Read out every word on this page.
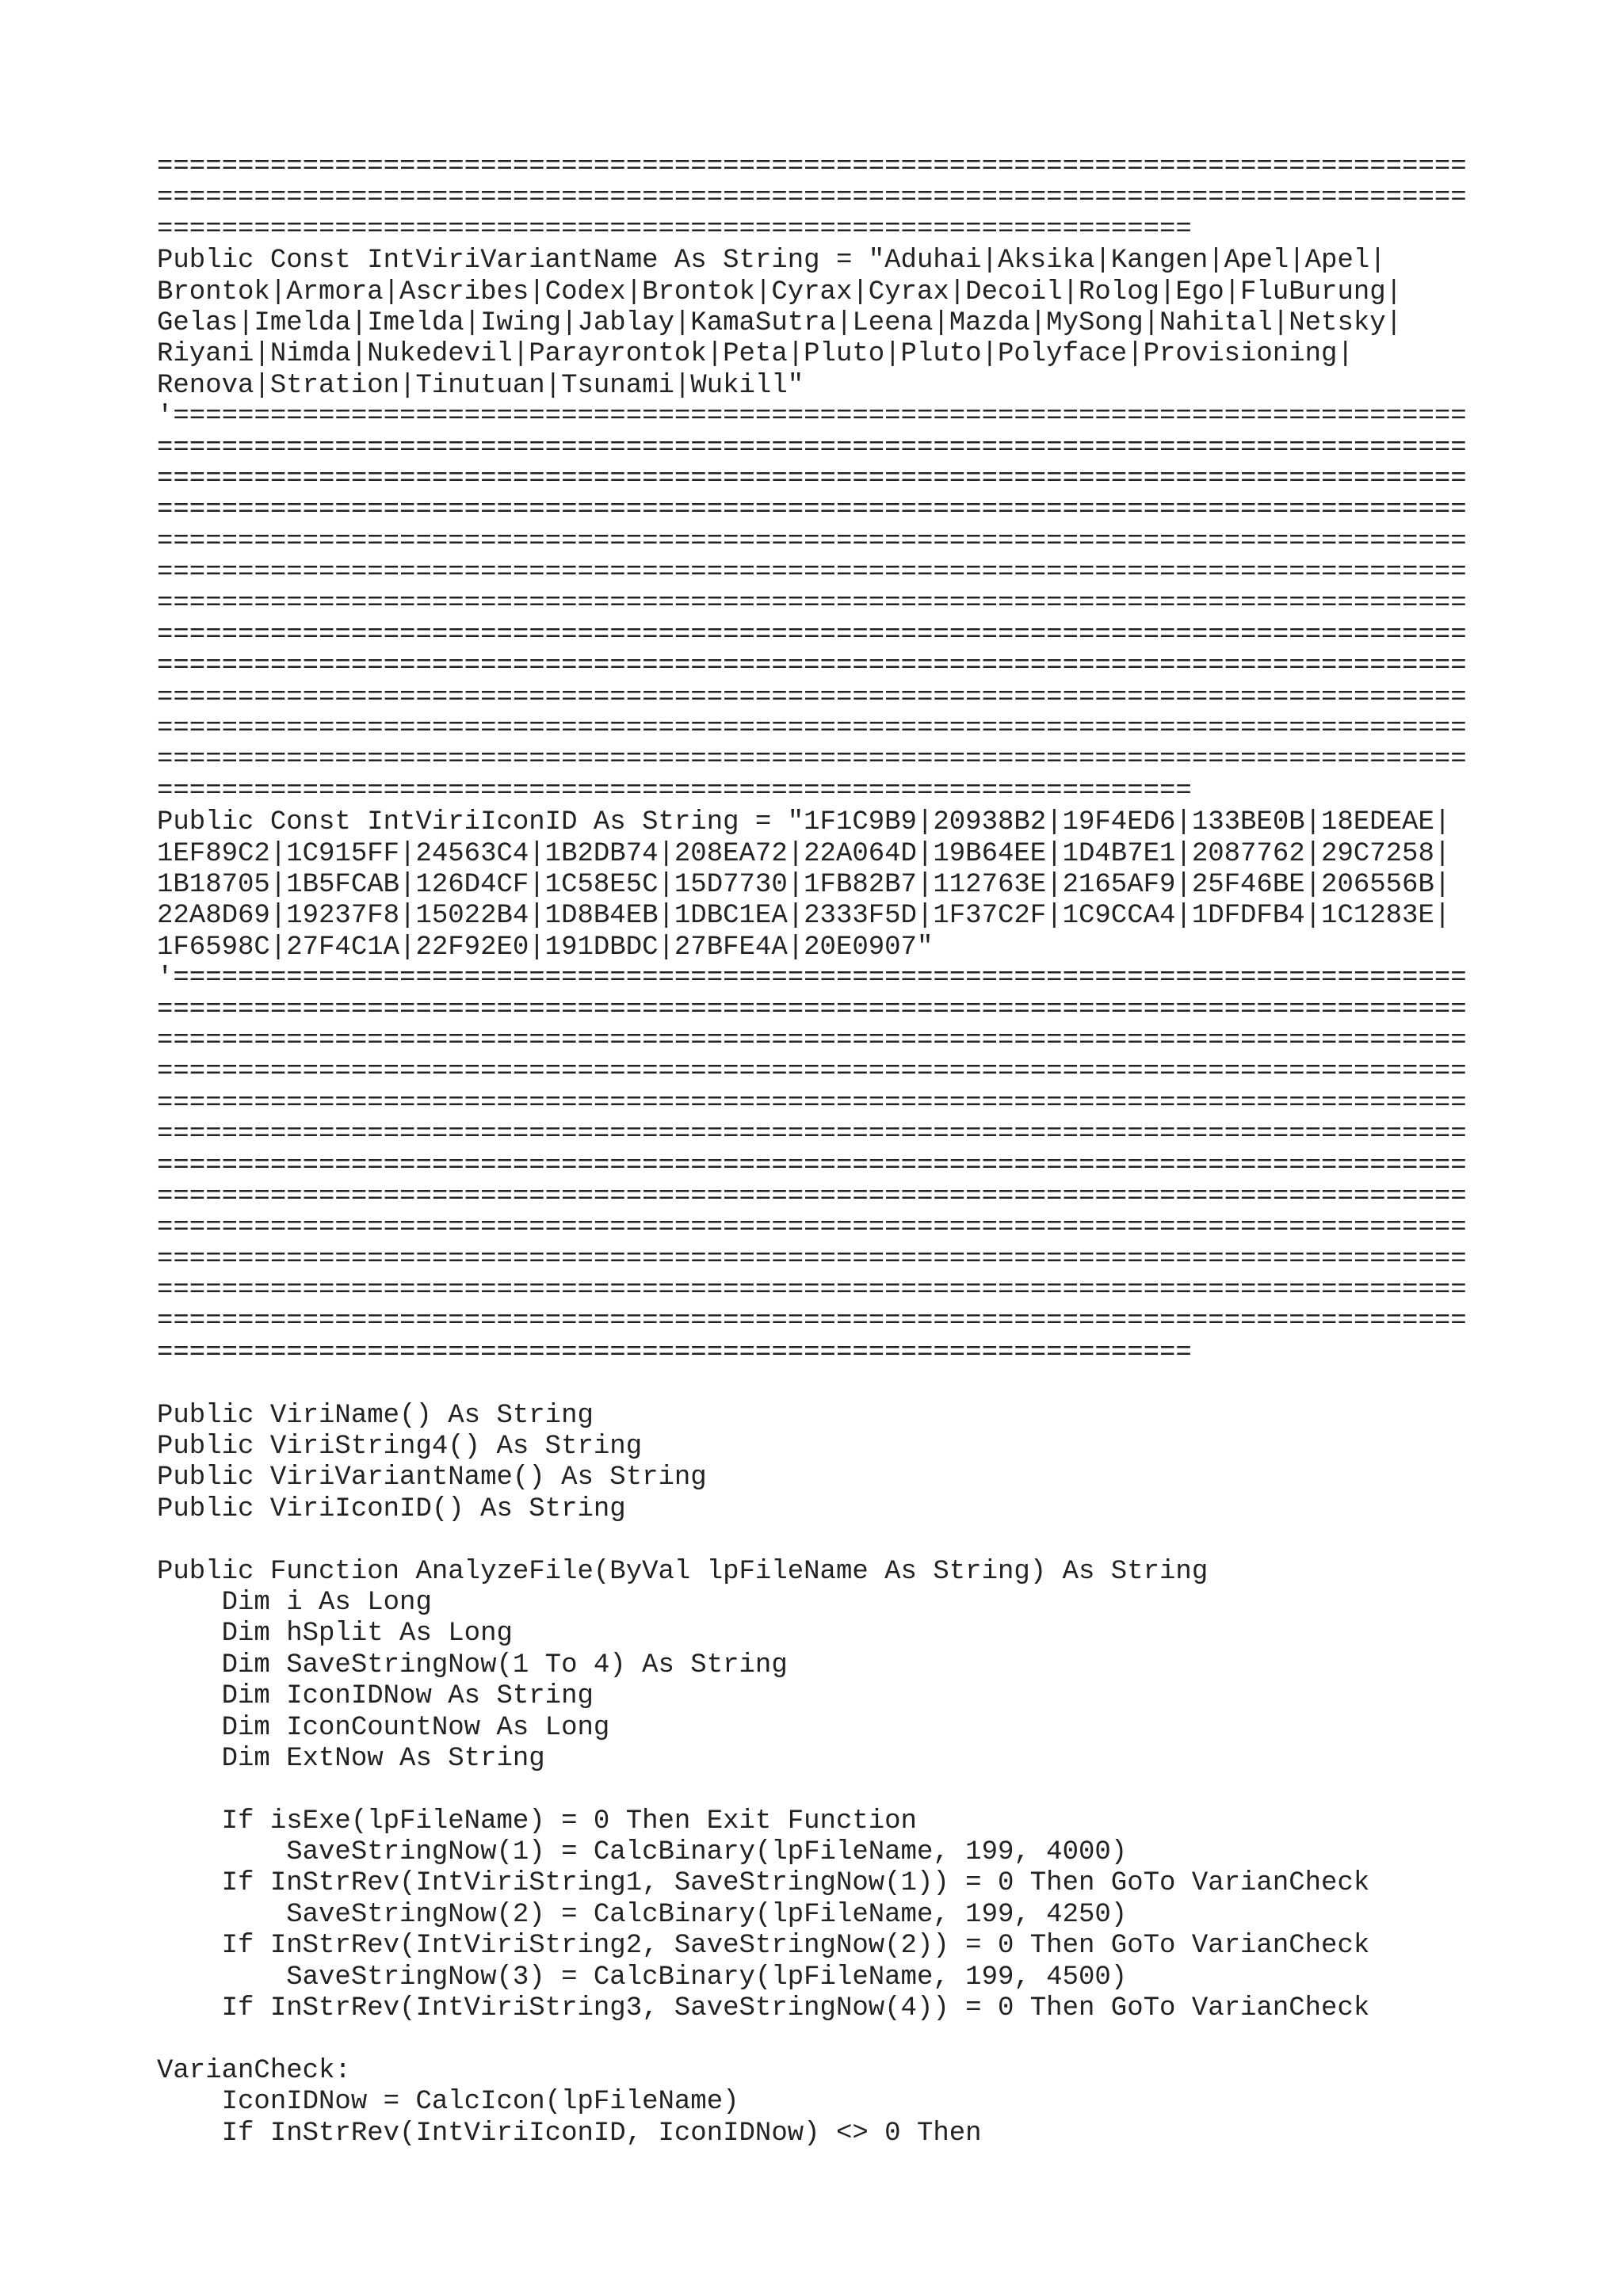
=================================================================================
=================================================================================
================================================================
Public Const IntViriVariantName As String = "Aduhai|Aksika|Kangen|Apel|Apel|
Brontok|Armora|Ascribes|Codex|Brontok|Cyrax|Cyrax|Decoil|Rolog|Ego|FluBurung|
Gelas|Imelda|Imelda|Iwing|Jablay|KamaSutra|Leena|Mazda|MySong|Nahital|Netsky|
Riyani|Nimda|Nukedevil|Parayrontok|Peta|Pluto|Pluto|Polyface|Provisioning|
Renova|Stration|Tinutuan|Tsunami|Wukill"
'================================================================================
=================================================================================
=================================================================================
=================================================================================
=================================================================================
=================================================================================
=================================================================================
=================================================================================
=================================================================================
=================================================================================
=================================================================================
=================================================================================
================================================================
Public Const IntViriIconID As String = "1F1C9B9|20938B2|19F4ED6|133BE0B|18EDEAE|
1EF89C2|1C915FF|24563C4|1B2DB74|208EA72|22A064D|19B64EE|1D4B7E1|2087762|29C7258|
1B18705|1B5FCAB|126D4CF|1C58E5C|15D7730|1FB82B7|112763E|2165AF9|25F46BE|206556B|
22A8D69|19237F8|15022B4|1D8B4EB|1DBC1EA|2333F5D|1F37C2F|1C9CCA4|1DFDFB4|1C1283E|
1F6598C|27F4C1A|22F92E0|191DBDC|27BFE4A|20E0907"
'================================================================================
=================================================================================
=================================================================================
=================================================================================
=================================================================================
=================================================================================
=================================================================================
=================================================================================
=================================================================================
=================================================================================
=================================================================================
=================================================================================
================================================================
Public ViriName() As String
Public ViriString4() As String
Public ViriVariantName() As String
Public ViriIconID() As String
Public Function AnalyzeFile(ByVal lpFileName As String) As String
Dim i As Long
Dim hSplit As Long
Dim SaveStringNow(1 To 4) As String
Dim IconIDNow As String
Dim IconCountNow As Long
Dim ExtNow As String
If isExe(lpFileName) = 0 Then Exit Function
SaveStringNow(1) = CalcBinary(lpFileName, 199, 4000)
If InStrRev(IntViriString1, SaveStringNow(1)) = 0 Then GoTo VarianCheck
SaveStringNow(2) = CalcBinary(lpFileName, 199, 4250)
If InStrRev(IntViriString2, SaveStringNow(2)) = 0 Then GoTo VarianCheck
SaveStringNow(3) = CalcBinary(lpFileName, 199, 4500)
If InStrRev(IntViriString3, SaveStringNow(4)) = 0 Then GoTo VarianCheck
VarianCheck:
IconIDNow = CalcIcon(lpFileName)
If InStrRev(IntViriIconID, IconIDNow) <> 0 Then
